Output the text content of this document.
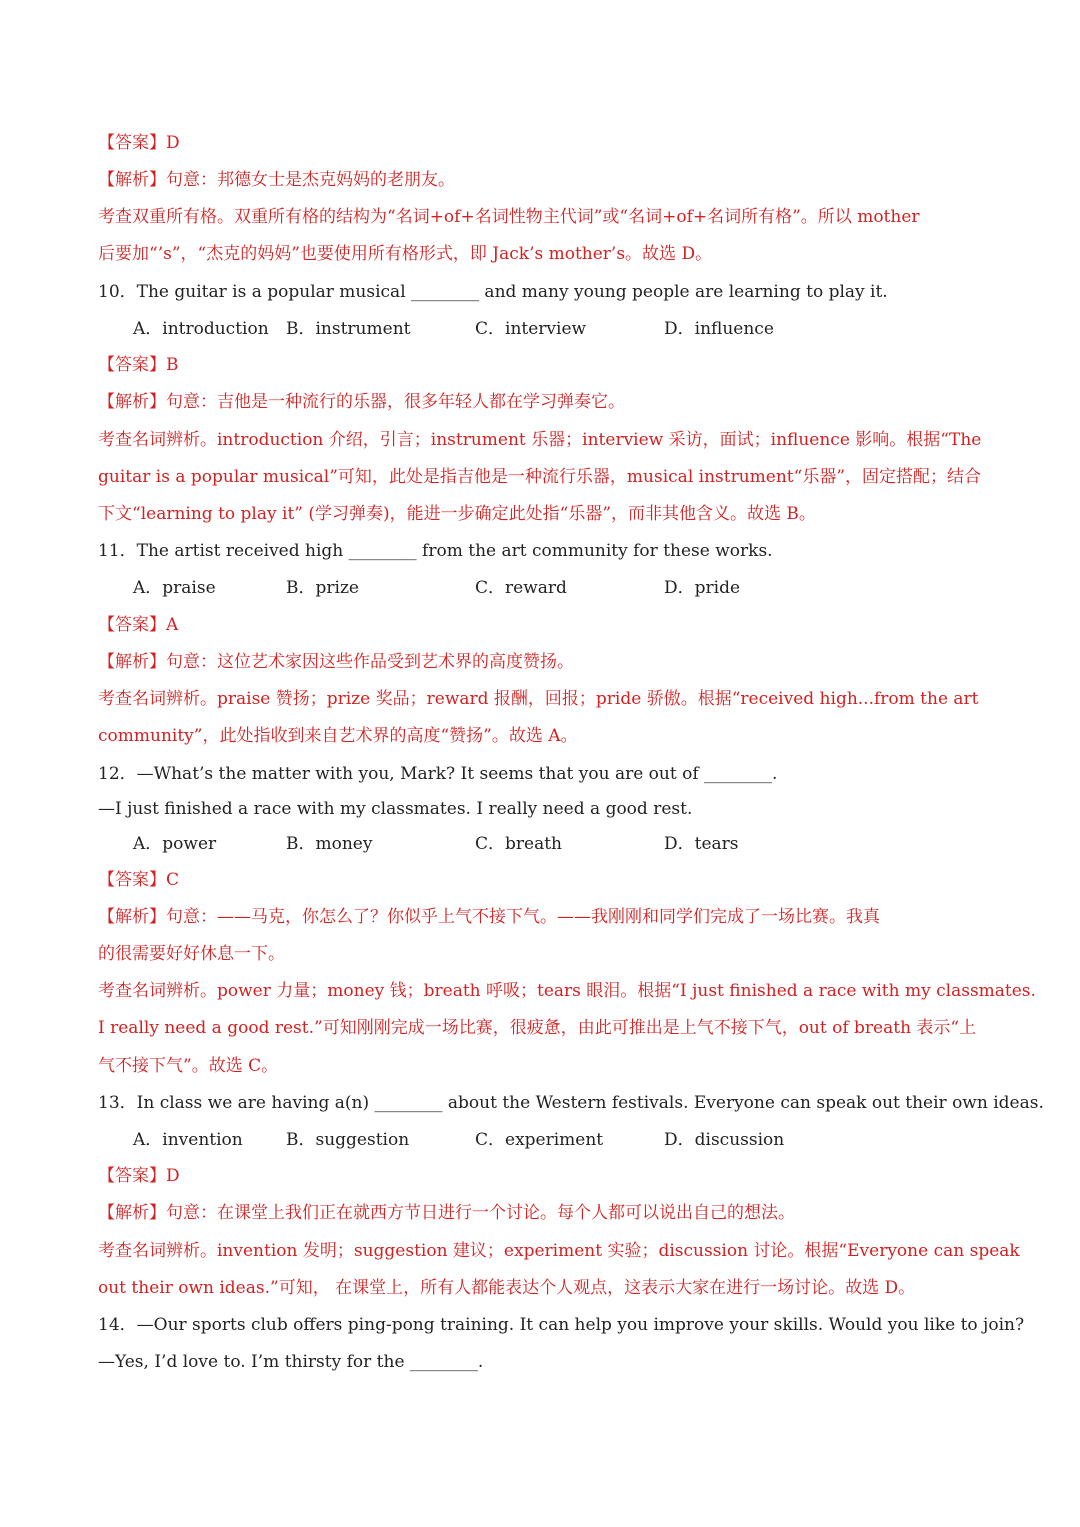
【答案】D
【解析】句意：邦德女士是杰克妈妈的老朋友。
考查双重所有格。双重所有格的结构为“名词+of+名词性物主代词”或“名词+of+名词所有格”。所以 mother
后要加“’s”，“杰克的妈妈”也要使用所有格形式，即 Jack’s mother’s。故选 D。
10．The guitar is a popular musical ________ and many young people are learning to play it.
A．introduction B．instrument	C．interview	D．influence
【答案】B
【解析】句意：吉他是一种流行的乐器，很多年轻人都在学习弹奏它。
考查名词辨析。introduction 介绍，引言；instrument 乐器；interview 采访，面试；influence 影响。根据“The
guitar is a popular musical”可知，此处是指吉他是一种流行乐器，musical instrument“乐器”，固定搭配；结合
下文“learning to play it” (学习弹奏)，能进一步确定此处指“乐器”，而非其他含义。故选 B。
11．The artist received high ________ from the art community for these works.
A．praise	B．prize	C．reward	D．pride
【答案】A
【解析】句意：这位艺术家因这些作品受到艺术界的高度赞扬。
考查名词辨析。praise 赞扬；prize 奖品；reward 报酬，回报；pride 骄傲。根据“received high...from the art
community”，此处指收到来自艺术界的高度“赞扬”。故选 A。
12．—What’s the matter with you, Mark? It seems that you are out of ________.
—I just finished a race with my classmates. I really need a good rest.
A．power	B．money	C．breath	D．tears
【答案】C
【解析】句意：——马克，你怎么了？你似乎上气不接下气。——我刚刚和同学们完成了一场比赛。我真
的很需要好好休息一下。
考查名词辨析。power 力量；money 钱；breath 呼吸；tears 眼泪。根据“I just finished a race with my classmates.
I really need a good rest.”可知刚刚完成一场比赛，很疲惫，由此可推出是上气不接下气，out of breath 表示“上
气不接下气”。故选 C。
13．In class we are having a(n) ________ about the Western festivals. Everyone can speak out their own ideas.
A．invention	B．suggestion	C．experiment	D．discussion
【答案】D
【解析】句意：在课堂上我们正在就西方节日进行一个讨论。每个人都可以说出自己的想法。
考查名词辨析。invention 发明；suggestion 建议；experiment 实验；discussion 讨论。根据“Everyone can speak
out their own ideas.”可知， 在课堂上，所有人都能表达个人观点，这表示大家在进行一场讨论。故选 D。
14．—Our sports club offers ping-pong training. It can help you improve your skills. Would you like to join?
—Yes, I’d love to. I’m thirsty for the ________.
